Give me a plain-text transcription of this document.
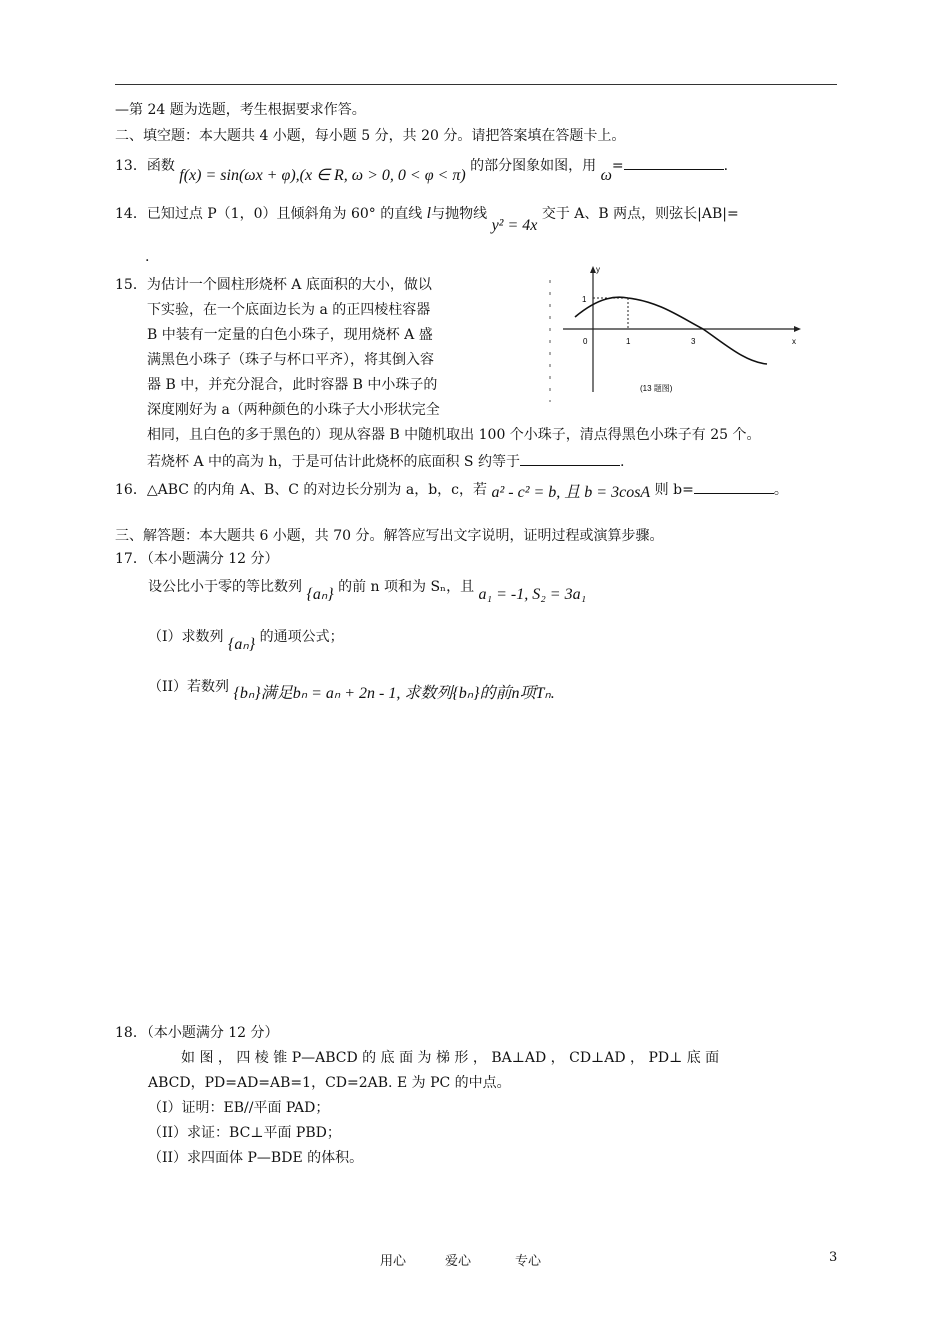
—第 24 题为选题，考生根据要求作答。
二、填空题：本大题共 4 小题，每小题 5 分，共 20 分。请把答案填在答题卡上。
13．函数 f(x) = sin(ωx + φ),(x ∈ R, ω > 0, 0 < φ < π) 的部分图象如图，用 ω=	.
14．已知过点 P（1，0）且倾斜角为 60° 的直线 l与抛物线 y² = 4x 交于 A、B 两点，则弦长|AB|=
.
15．为估计一个圆柱形烧杯 A 底面积的大小，做以
下实验，在一个底面边长为 a 的正四棱柱容器
B 中装有一定量的白色小珠子，现用烧杯 A 盛
满黑色小珠子（珠子与杯口平齐），将其倒入容
器 B 中，并充分混合，此时容器 B 中小珠子的
深度刚好为 a（两种颜色的小珠子大小形状完全
相同，且白色的多于黑色的）现从容器 B 中随机取出 100 个小珠子，清点得黑色小珠子有 25 个。
若烧杯 A 中的高为 h，于是可估计此烧杯的底面积 S 约等于	.
y
1
0	1	3	x
(13 题图)
16．△ABC 的内角 A、B、C 的对边长分别为 a，b，c，若 a² - c² = b, 且 b = 3cosA 则 b=	。
三、解答题：本大题共 6 小题，共 70 分。解答应写出文字说明，证明过程或演算步骤。
17．（本小题满分 12 分）
设公比小于零的等比数列 {aₙ} 的前 n 项和为 Sₙ，且 a₁ = -1, S₂ = 3a₁
（I）求数列 {aₙ} 的通项公式；
（II）若数列 {bₙ}满足bₙ = aₙ + 2n - 1, 求数列{bₙ}的前n项Tₙ.
18．（本小题满分 12 分）
如 图 ， 四 棱 锥 P—ABCD 的 底 面 为 梯 形 ， BA⊥AD ， CD⊥AD ， PD⊥ 底 面
ABCD，PD=AD=AB=1，CD=2AB. E 为 PC 的中点。
（I）证明：EB//平面 PAD；
（II）求证：BC⊥平面 PBD；
（II）求四面体 P—BDE 的体积。
用心	爱心	专心	3
